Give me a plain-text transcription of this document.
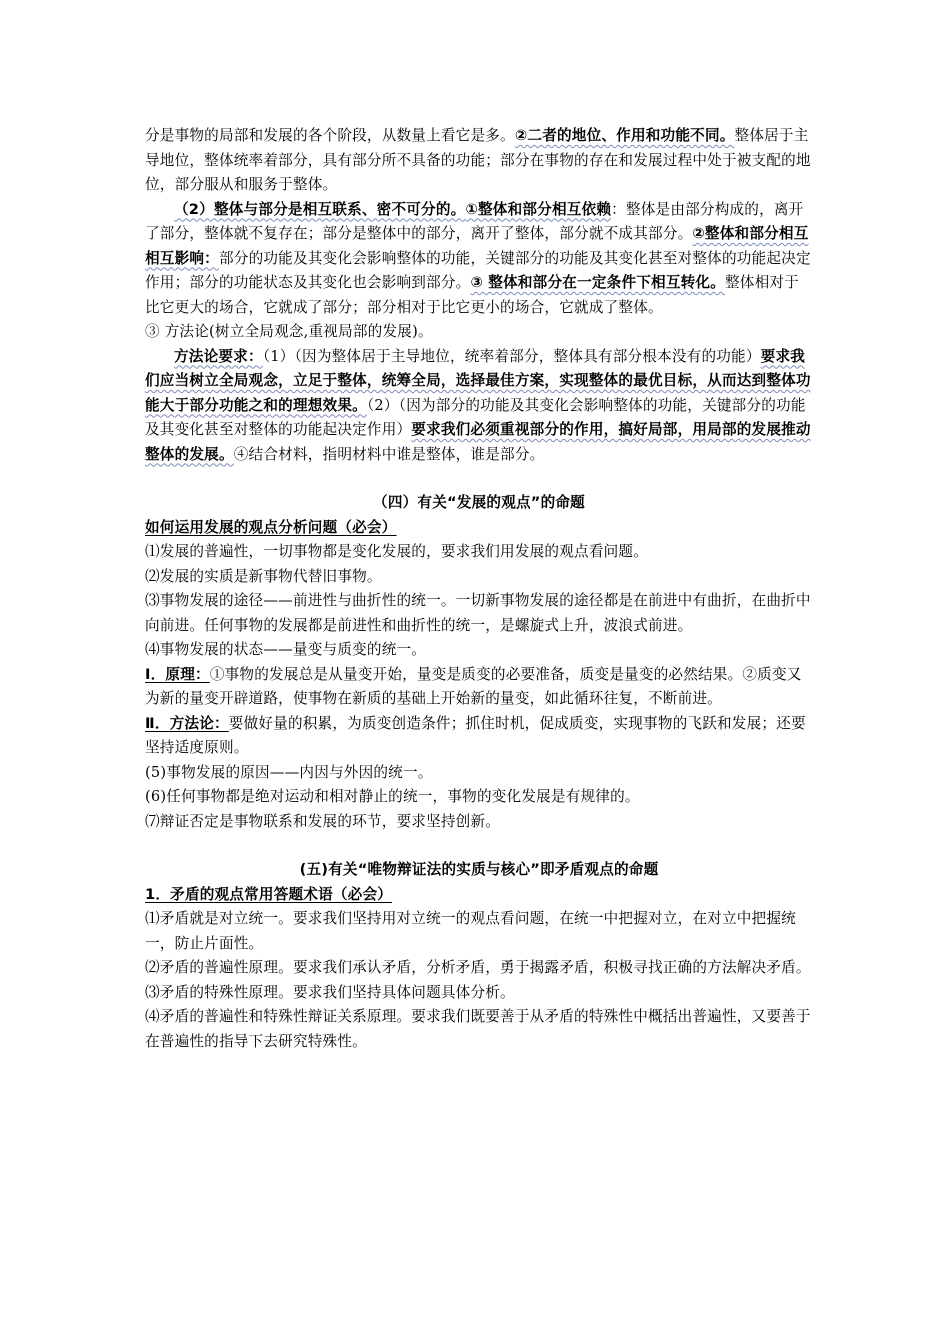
分是事物的局部和发展的各个阶段，从数量上看它是多。②二者的地位、作用和功能不同。整体居于主导地位，整体统率着部分，具有部分所不具备的功能；部分在事物的存在和发展过程中处于被支配的地位，部分服从和服务于整体。

（2）整体与部分是相互联系、密不可分的。①整体和部分相互依赖：整体是由部分构成的，离开了部分，整体就不复存在；部分是整体中的部分，离开了整体，部分就不成其部分。②整体和部分相互相互影响：部分的功能及其变化会影响整体的功能，关键部分的功能及其变化甚至对整体的功能起决定作用；部分的功能状态及其变化也会影响到部分。③ 整体和部分在一定条件下相互转化。整体相对于比它更大的场合，它就成了部分；部分相对于比它更小的场合，它就成了整体。

③ 方法论(树立全局观念,重视局部的发展)。

方法论要求：（1）（因为整体居于主导地位，统率着部分，整体具有部分根本没有的功能）要求我们应当树立全局观念，立足于整体，统筹全局，选择最佳方案，实现整体的最优目标，从而达到整体功能大于部分功能之和的理想效果。（2）（因为部分的功能及其变化会影响整体的功能，关键部分的功能及其变化甚至对整体的功能起决定作用）要求我们必须重视部分的作用，搞好局部，用局部的发展推动整体的发展。④结合材料，指明材料中谁是整体，谁是部分。

（四）有关“发展的观点”的命题

如何运用发展的观点分析问题（必会）

⑴发展的普遍性，一切事物都是变化发展的，要求我们用发展的观点看问题。

⑵发展的实质是新事物代替旧事物。

⑶事物发展的途径——前进性与曲折性的统一。一切新事物发展的途径都是在前进中有曲折，在曲折中向前进。任何事物的发展都是前进性和曲折性的统一，是螺旋式上升，波浪式前进。

⑷事物发展的状态——量变与质变的统一。

Ⅰ．原理：①事物的发展总是从量变开始，量变是质变的必要准备，质变是量变的必然结果。②质变又为新的量变开辟道路，使事物在新质的基础上开始新的量变，如此循环往复，不断前进。

Ⅱ．方法论：要做好量的积累，为质变创造条件；抓住时机，促成质变，实现事物的飞跃和发展；还要坚持适度原则。

(5)事物发展的原因——内因与外因的统一。

(6)任何事物都是绝对运动和相对静止的统一，事物的变化发展是有规律的。

⑺辩证否定是事物联系和发展的环节，要求坚持创新。

(五)有关“唯物辩证法的实质与核心”即矛盾观点的命题

1．矛盾的观点常用答题术语（必会）

⑴矛盾就是对立统一。要求我们坚持用对立统一的观点看问题，在统一中把握对立，在对立中把握统一，防止片面性。

⑵矛盾的普遍性原理。要求我们承认矛盾，分析矛盾，勇于揭露矛盾，积极寻找正确的方法解决矛盾。

⑶矛盾的特殊性原理。要求我们坚持具体问题具体分析。

⑷矛盾的普遍性和特殊性辩证关系原理。要求我们既要善于从矛盾的特殊性中概括出普遍性，又要善于在普遍性的指导下去研究特殊性。
